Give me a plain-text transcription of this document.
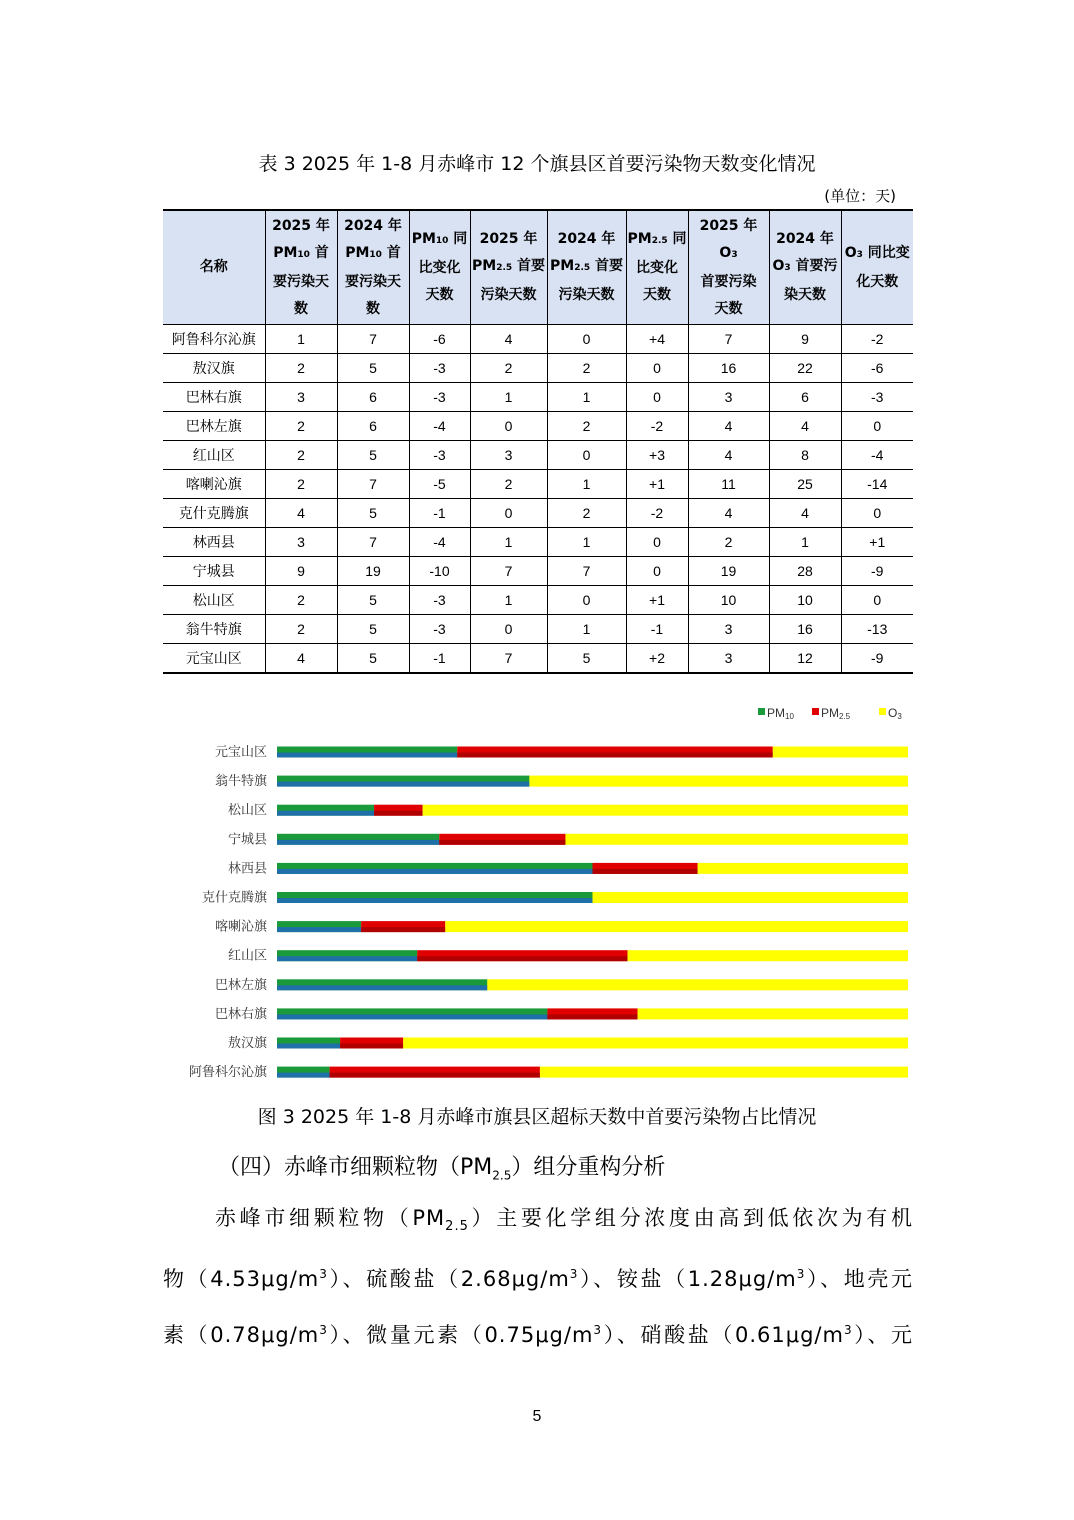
表 3 2025 年 1-8 月赤峰市 12 个旗县区首要污染物天数变化情况
(单位：天)
名称	2025 年
PM10 首
要污染天
数	2024 年
PM10 首
要污染天
数	PM10 同
比变化
天数	2025 年
PM2.5 首要
污染天数	2024 年
PM2.5 首要
污染天数	PM2.5 同
比变化
天数	2025 年 O3
首要污染
天数	2024 年
O3 首要污
染天数	O3 同比变
化天数
阿鲁科尔沁旗	1	7	-6	4	0	+4	7	9	-2
敖汉旗	2	5	-3	2	2	0	16	22	-6
巴林右旗	3	6	-3	1	1	0	3	6	-3
巴林左旗	2	6	-4	0	2	-2	4	4	0
红山区	2	5	-3	3	0	+3	4	8	-4
喀喇沁旗	2	7	-5	2	1	+1	11	25	-14
克什克腾旗	4	5	-1	0	2	-2	4	4	0
林西县	3	7	-4	1	1	0	2	1	+1
宁城县	9	19	-10	7	7	0	19	28	-9
松山区	2	5	-3	1	0	+1	10	10	0
翁牛特旗	2	5	-3	0	1	-1	3	16	-13
元宝山区	4	5	-1	7	5	+2	3	12	-9
PM10 PM2.5	O3
元宝山区
翁牛特旗
松山区
宁城县
林西县
克什克腾旗
喀喇沁旗
红山区
巴林左旗
巴林右旗
敖汉旗
阿鲁科尔沁旗
图 3 2025 年 1-8 月赤峰市旗县区超标天数中首要污染物占比情况
（四）赤峰市细颗粒物$(PM_{2.5})$组分重构分析
赤峰市细颗粒物$(PM_{2.5})$主要化学组分浓度由高到低依次为有机
物$(4.53\mu g/m^3)$、硫酸盐$(2.68\mu g/m^3)$、铵盐$(1.28\mu g/m^3)$、地壳元
素$(0.78\mu g/m^3)$、微量元素$(0.75\mu g/m^3)$、硝酸盐$(0.61\mu g/m^3)$、元
5
